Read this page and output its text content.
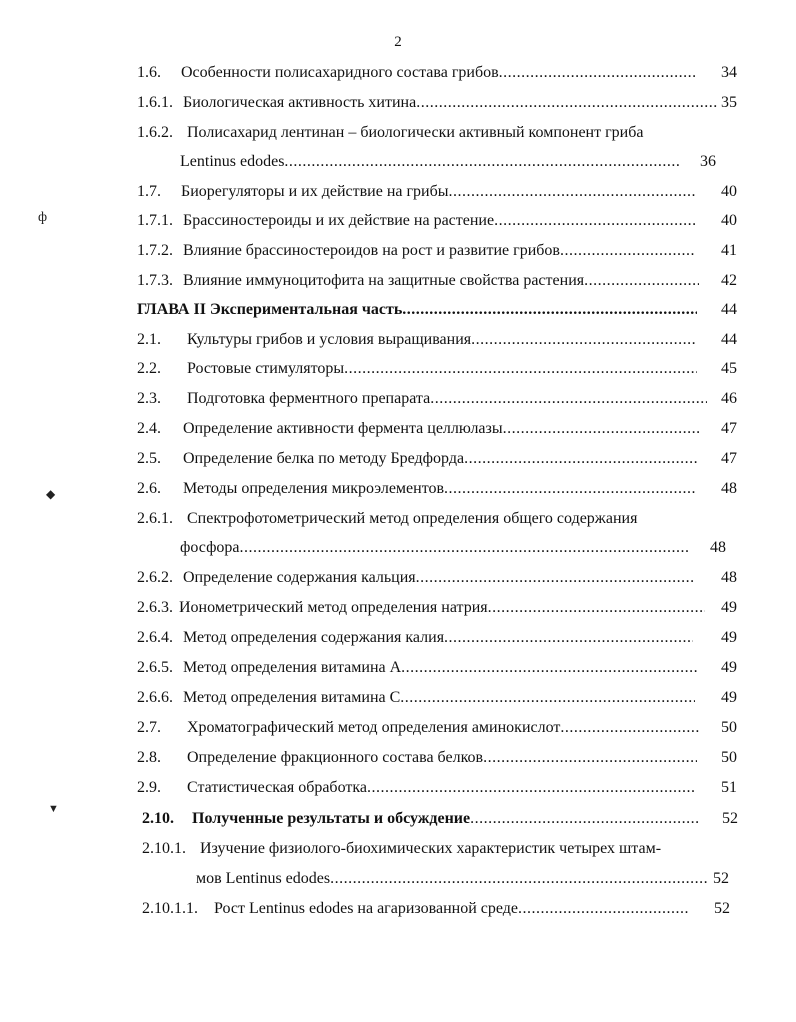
2
1.6.	Особенности полисахаридного состава грибов .....	34
1.6.1. Биологическая активность хитина .....	35
1.6.2. Полисахарид лентинан – биологически активный компонент гриба
Lentinus edodes .....	36
1.7.	Биорегуляторы и их действие на грибы .....	40
1.7.1. Брассиностероиды и их действие на растение .....	40
1.7.2. Влияние брассиностероидов на рост и развитие грибов .....	41
1.7.3. Влияние иммуноцитофита на защитные свойства растения .....	42
ГЛАВА II Экспериментальная часть .....	44
2.1.	Культуры грибов и условия выращивания .....	44
2.2.	Ростовые стимуляторы .....	45
2.3.	Подготовка ферментного препарата .....	46
2.4.	Определение активности фермента целлюлазы .....	47
2.5.	Определение белка по методу Бредфорда .....	47
2.6.	Методы определения микроэлементов .....	48
2.6.1. Спектрофотометрический метод определения общего содержания
фосфора .....	48
2.6.2. Определение содержания кальция .....	48
2.6.3. Ионометрический метод определения натрия .....	49
2.6.4. Метод определения содержания калия .....	49
2.6.5. Метод определения витамина А .....	49
2.6.6. Метод определения витамина С .....	49
2.7.	Хроматографический метод определения аминокислот .....	50
2.8.	Определение фракционного состава белков .....	50
2.9.	Статистическая обработка .....	51
2.10.	Полученные результаты и обсуждение .....	52
2.10.1. Изучение физиолого-биохимических характеристик четырех штам-
мов Lentinus edodes .....	52
2.10.1.1.	Рост Lentinus edodes на агаризованной среде .....	52
ф
◆
▼
